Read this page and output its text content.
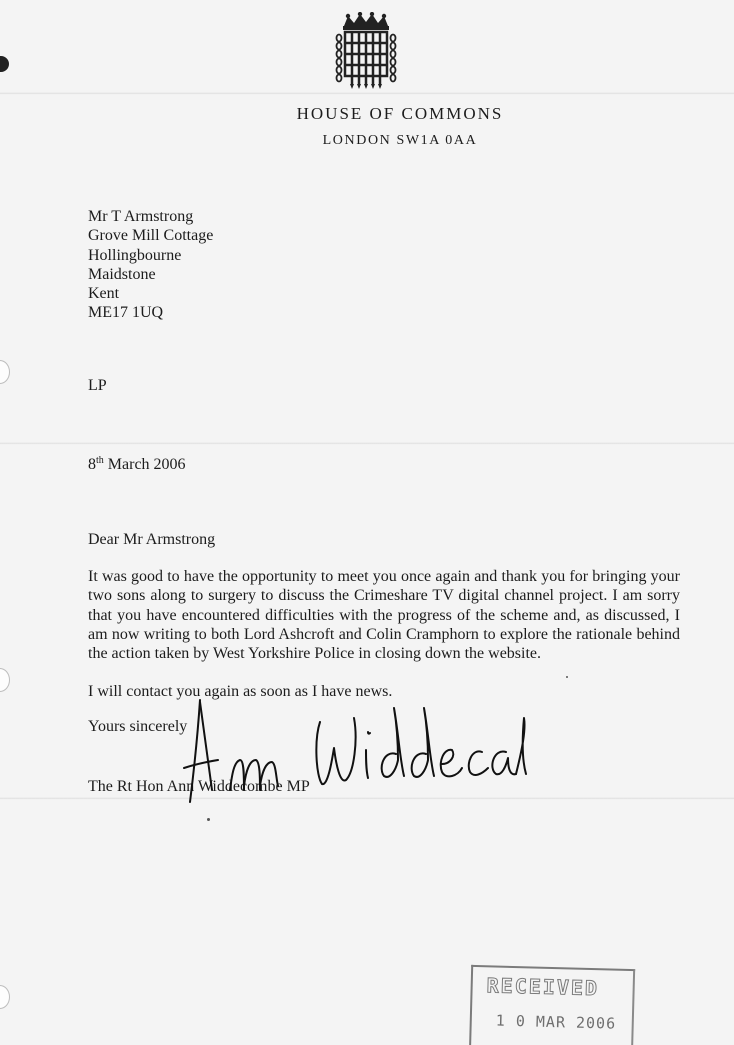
HOUSE OF COMMONS
LONDON SW1A 0AA
Mr T Armstrong
Grove Mill Cottage
Hollingbourne
Maidstone
Kent
ME17 1UQ
LP
8th March 2006
Dear Mr Armstrong
It was good to have the opportunity to meet you once again and thank you for bringing your two sons along to surgery to discuss the Crimeshare TV digital channel project. I am sorry that you have encountered difficulties with the progress of the scheme and, as discussed, I am now writing to both Lord Ashcroft and Colin Cramphorn to explore the rationale behind the action taken by West Yorkshire Police in closing down the website.
I will contact you again as soon as I have news.
Yours sincerely
The Rt Hon Ann Widdecombe MP
RECEIVED
1 0 MAR 2006
